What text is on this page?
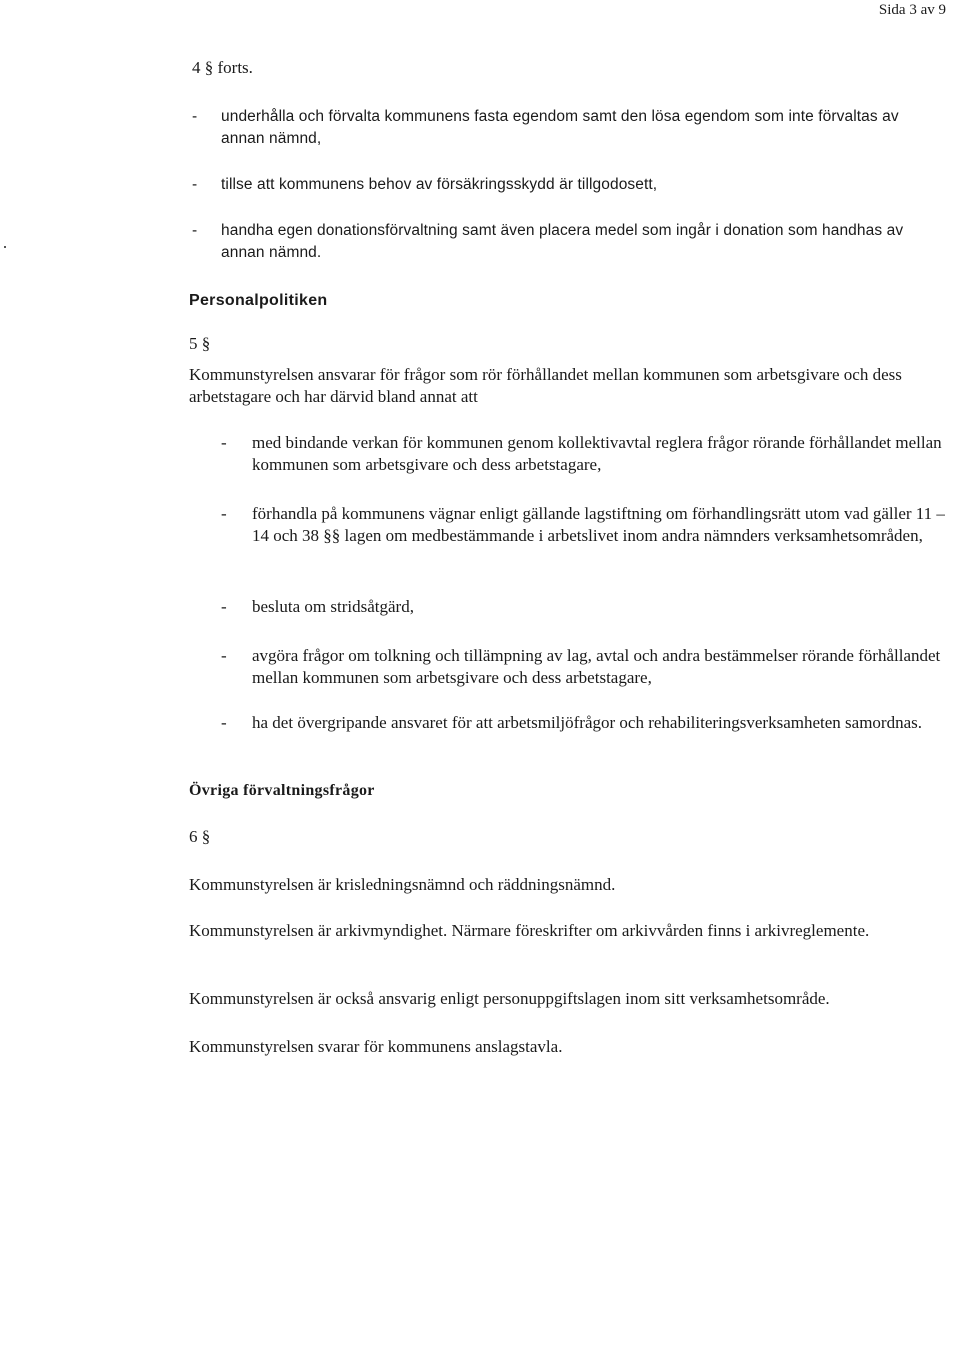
Sida 3 av 9
4 § forts.
- underhålla och förvalta kommunens fasta egendom samt den lösa egendom som inte förvaltas av annan nämnd,
- tillse att kommunens behov av försäkringsskydd är tillgodosett,
- handha egen donationsförvaltning samt även placera medel som ingår i donation som handhas av annan nämnd.
Personalpolitiken
5 §
Kommunstyrelsen ansvarar för frågor som rör förhållandet mellan kommunen som arbetsgivare och dess arbetstagare och har därvid bland annat att
- med bindande verkan för kommunen genom kollektivavtal reglera frågor rörande förhållandet mellan kommunen som arbetsgivare och dess arbetstagare,
- förhandla på kommunens vägnar enligt gällande lagstiftning om förhandlingsrätt utom vad gäller 11 – 14 och 38 §§ lagen om medbestämmande i arbetslivet inom andra nämnders verksamhetsområden,
- besluta om stridsåtgärd,
- avgöra frågor om tolkning och tillämpning av lag, avtal och andra bestämmelser rörande förhållandet mellan kommunen som arbetsgivare och dess arbetstagare,
- ha det övergripande ansvaret för att arbetsmiljöfrågor och rehabiliteringsverksamheten samordnas.
Övriga förvaltningsfrågor
6 §
Kommunstyrelsen är krisledningsnämnd och räddningsnämnd.
Kommunstyrelsen är arkivmyndighet. Närmare föreskrifter om arkivvården finns i arkivreglemente.
Kommunstyrelsen är också ansvarig enligt personuppgiftslagen inom sitt verksamhetsområde.
Kommunstyrelsen svarar för kommunens anslagstavla.
